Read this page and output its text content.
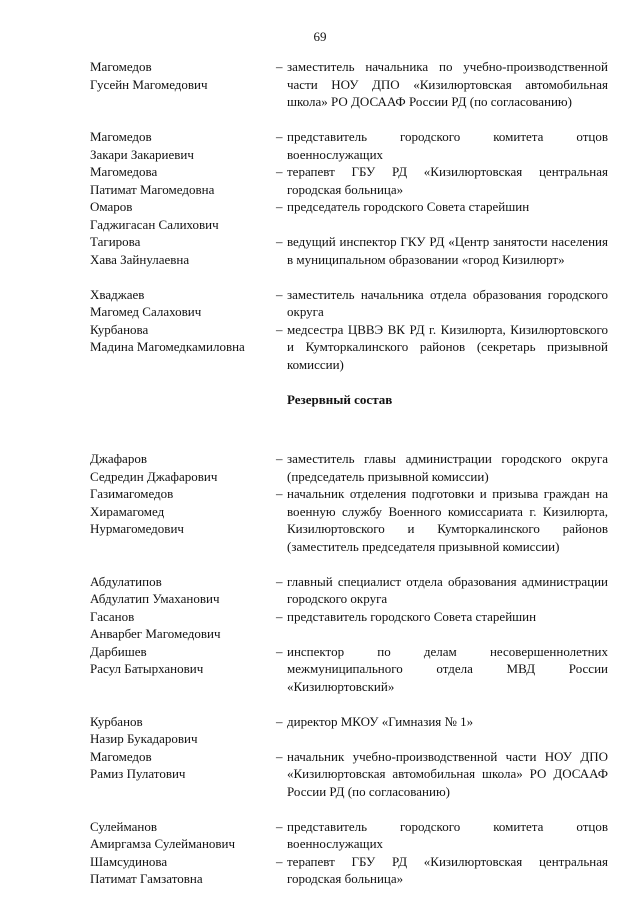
69
Магомедов
Гусейн Магомедович
– заместитель начальника по учебно-производственной части НОУ ДПО «Кизилюртовская автомобильная школа» РО ДОСААФ России РД (по согласованию)
Магомедов
Закари Закариевич
– представитель городского комитета отцов военнослужащих
Магомедова
Патимат Магомедовна
– терапевт ГБУ РД «Кизилюртовская центральная городская больница»
Омаров
Гаджигасан Салихович
– председатель городского Совета старейшин
Тагирова
Хава Зайнулаевна
– ведущий инспектор ГКУ РД «Центр занятости населения в муниципальном образовании «город Кизилюрт»
Хваджаев
Магомед Салахович
– заместитель начальника отдела образования городского округа
Курбанова
Мадина Магомедкамиловна
– медсестра ЦВВЭ ВК РД г. Кизилюрта, Кизилюртовского и Кумторкалинского районов (секретарь призывной комиссии)
Резервный состав
Джафаров
Седредин Джафарович
– заместитель главы администрации городского округа (председатель призывной комиссии)
Газимагомедов
Хирамагомед Нурмагомедович
– начальник отделения подготовки и призыва граждан на военную службу Военного комиссариата г. Кизилюрта, Кизилюртовского и Кумторкалинского районов (заместитель председателя призывной комиссии)
Абдулатипов
Абдулатип Умаханович
– главный специалист отдела образования администрации городского округа
Гасанов
Анварбег Магомедович
– представитель городского Совета старейшин
Дарбишев
Расул Батырханович
– инспектор по делам несовершеннолетних межмуниципального отдела МВД России «Кизилюртовский»
Курбанов
Назир Букадарович
– директор МКОУ «Гимназия № 1»
Магомедов
Рамиз Пулатович
– начальник учебно-производственной части НОУ ДПО «Кизилюртовская автомобильная школа» РО ДОСААФ России РД (по согласованию)
Сулейманов
Амиргамза Сулейманович
– представитель городского комитета отцов военнослужащих
Шамсудинова
Патимат Гамзатовна
– терапевт ГБУ РД «Кизилюртовская центральная городская больница»
